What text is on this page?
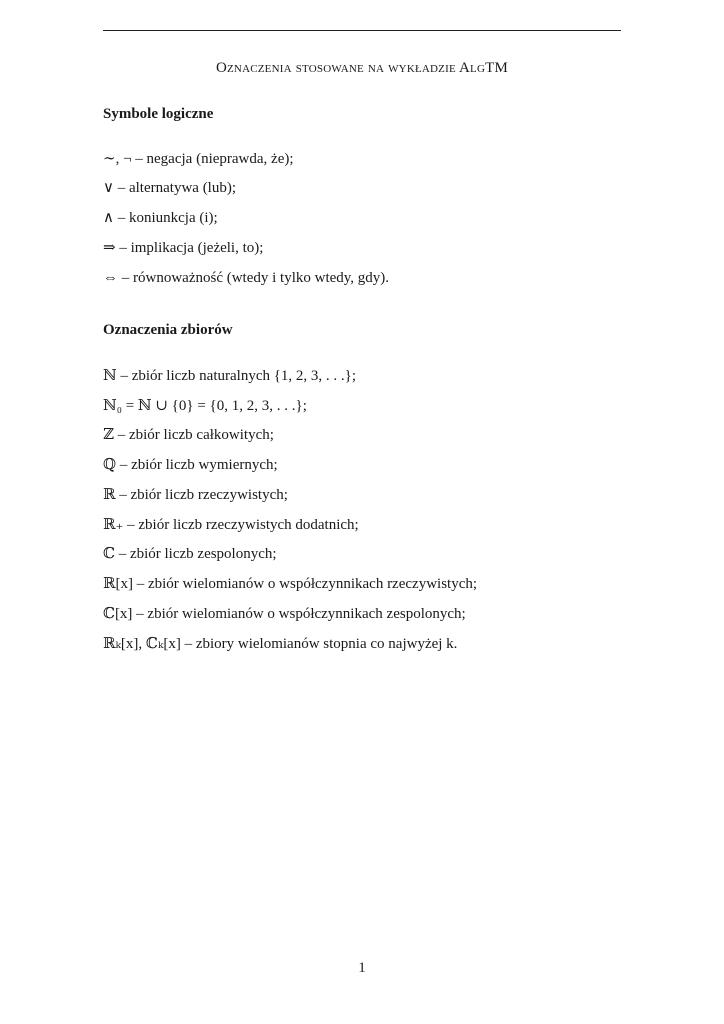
Oznaczenia stosowane na wykładzie AlgTM
Symbole logiczne
∼, ¬ – negacja (nieprawda, że);
∨ – alternatywa (lub);
∧ – koniunkcja (i);
⇒ – implikacja (jeżeli, to);
⇔ – równoważność (wtedy i tylko wtedy, gdy).
Oznaczenia zbiorów
ℕ – zbiór liczb naturalnych {1, 2, 3, . . .};
ℕ₀ = ℕ ∪ {0} = {0, 1, 2, 3, . . .};
ℤ – zbiór liczb całkowitych;
ℚ – zbiór liczb wymiernych;
ℝ – zbiór liczb rzeczywistych;
ℝ₊ – zbiór liczb rzeczywistych dodatnich;
ℂ – zbiór liczb zespolonych;
ℝ[x] – zbiór wielomianów o współczynnikach rzeczywistych;
ℂ[x] – zbiór wielomianów o współczynnikach zespolonych;
ℝₖ[x], ℂₖ[x] – zbiory wielomianów stopnia co najwyżej k.
1
